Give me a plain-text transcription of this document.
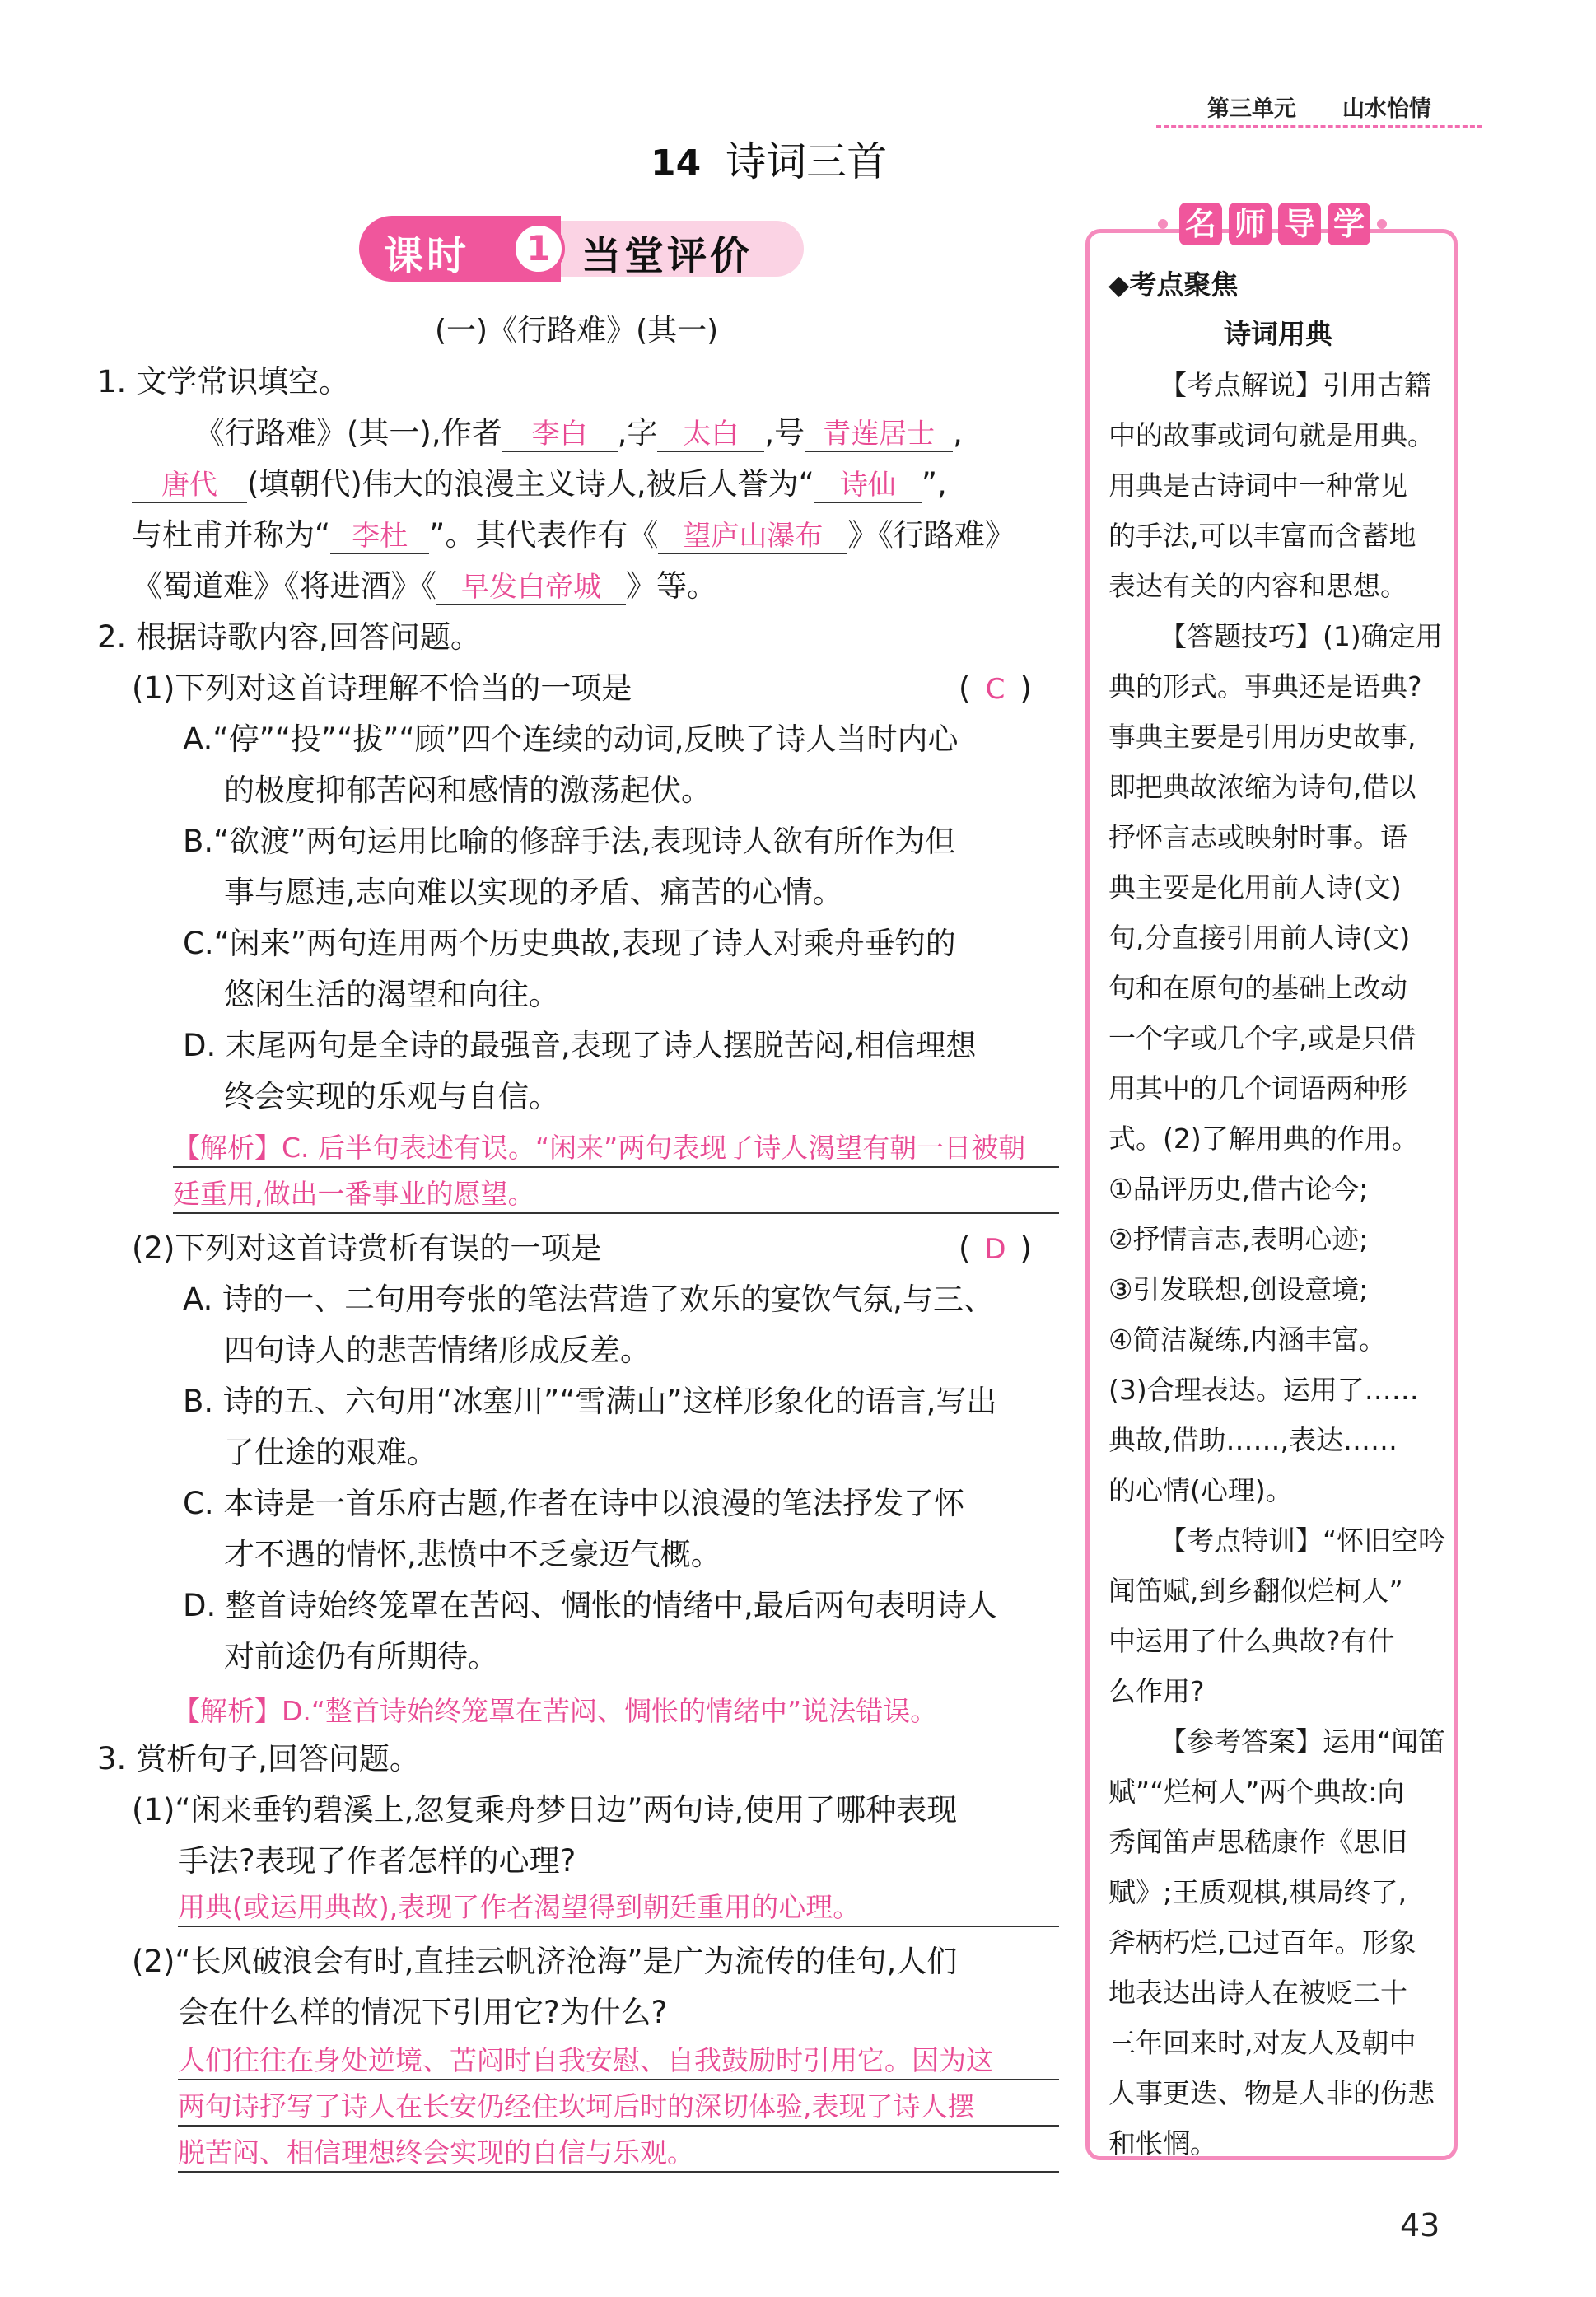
第三单元 山水怡情
14 诗词三首
课时	1 当堂评价
(一)《行路难》(其一)
1. 文学常识填空。
《行路难》(其一),作者 李白 ,字 太白 ,号 青莲居士 ,
唐代 (填朝代)伟大的浪漫主义诗人,被后人誉为“ 诗仙 ”,
与杜甫并称为“ 李杜 ”。其代表作有《 望庐山瀑布 》《行路难》
《蜀道难》《将进酒》《 早发白帝城 》等。
2. 根据诗歌内容,回答问题。
(1)下列对这首诗理解不恰当的一项是	( C )
A.“停”“投”“拔”“顾”四个连续的动词,反映了诗人当时内心
的极度抑郁苦闷和感情的激荡起伏。
B.“欲渡”两句运用比喻的修辞手法,表现诗人欲有所作为但
事与愿违,志向难以实现的矛盾、痛苦的心情。
C.“闲来”两句连用两个历史典故,表现了诗人对乘舟垂钓的
悠闲生活的渴望和向往。
D. 末尾两句是全诗的最强音,表现了诗人摆脱苦闷,相信理想
终会实现的乐观与自信。
【解析】C. 后半句表述有误。“闲来”两句表现了诗人渴望有朝一日被朝
廷重用,做出一番事业的愿望。
(2)下列对这首诗赏析有误的一项是	( D )
A. 诗的一、二句用夸张的笔法营造了欢乐的宴饮气氛,与三、
四句诗人的悲苦情绪形成反差。
B. 诗的五、六句用“冰塞川”“雪满山”这样形象化的语言,写出
了仕途的艰难。
C. 本诗是一首乐府古题,作者在诗中以浪漫的笔法抒发了怀
才不遇的情怀,悲愤中不乏豪迈气概。
D. 整首诗始终笼罩在苦闷、惆怅的情绪中,最后两句表明诗人
对前途仍有所期待。
【解析】D.“整首诗始终笼罩在苦闷、惆怅的情绪中”说法错误。
3. 赏析句子,回答问题。
(1)“闲来垂钓碧溪上,忽复乘舟梦日边”两句诗,使用了哪种表现
手法?表现了作者怎样的心理?
用典(或运用典故),表现了作者渴望得到朝廷重用的心理。
(2)“长风破浪会有时,直挂云帆济沧海”是广为流传的佳句,人们
会在什么样的情况下引用它?为什么?
人们往往在身处逆境、苦闷时自我安慰、自我鼓励时引用它。因为这
两句诗抒写了诗人在长安仍经住坎坷后时的深切体验,表现了诗人摆
脱苦闷、相信理想终会实现的自信与乐观。
名 师 导 学
◆考点聚焦
诗词用典
【考点解说】引用古籍
中的故事或词句就是用典。
用典是古诗词中一种常见
的手法,可以丰富而含蓄地
表达有关的内容和思想。
【答题技巧】(1)确定用
典的形式。事典还是语典?
事典主要是引用历史故事,
即把典故浓缩为诗句,借以
抒怀言志或映射时事。语
典主要是化用前人诗(文)
句,分直接引用前人诗(文)
句和在原句的基础上改动
一个字或几个字,或是只借
用其中的几个词语两种形
式。(2)了解用典的作用。
①品评历史,借古论今;
②抒情言志,表明心迹;
③引发联想,创设意境;
④简洁凝练,内涵丰富。
(3)合理表达。运用了……
典故,借助……,表达……
的心情(心理)。
【考点特训】“怀旧空吟
闻笛赋,到乡翻似烂柯人”
中运用了什么典故?有什
么作用?
【参考答案】运用“闻笛
赋”“烂柯人”两个典故:向
秀闻笛声思嵇康作《思旧
赋》;王质观棋,棋局终了,
斧柄朽烂,已过百年。形象
地表达出诗人在被贬二十
三年回来时,对友人及朝中
人事更迭、物是人非的伤悲
和怅惘。
43
